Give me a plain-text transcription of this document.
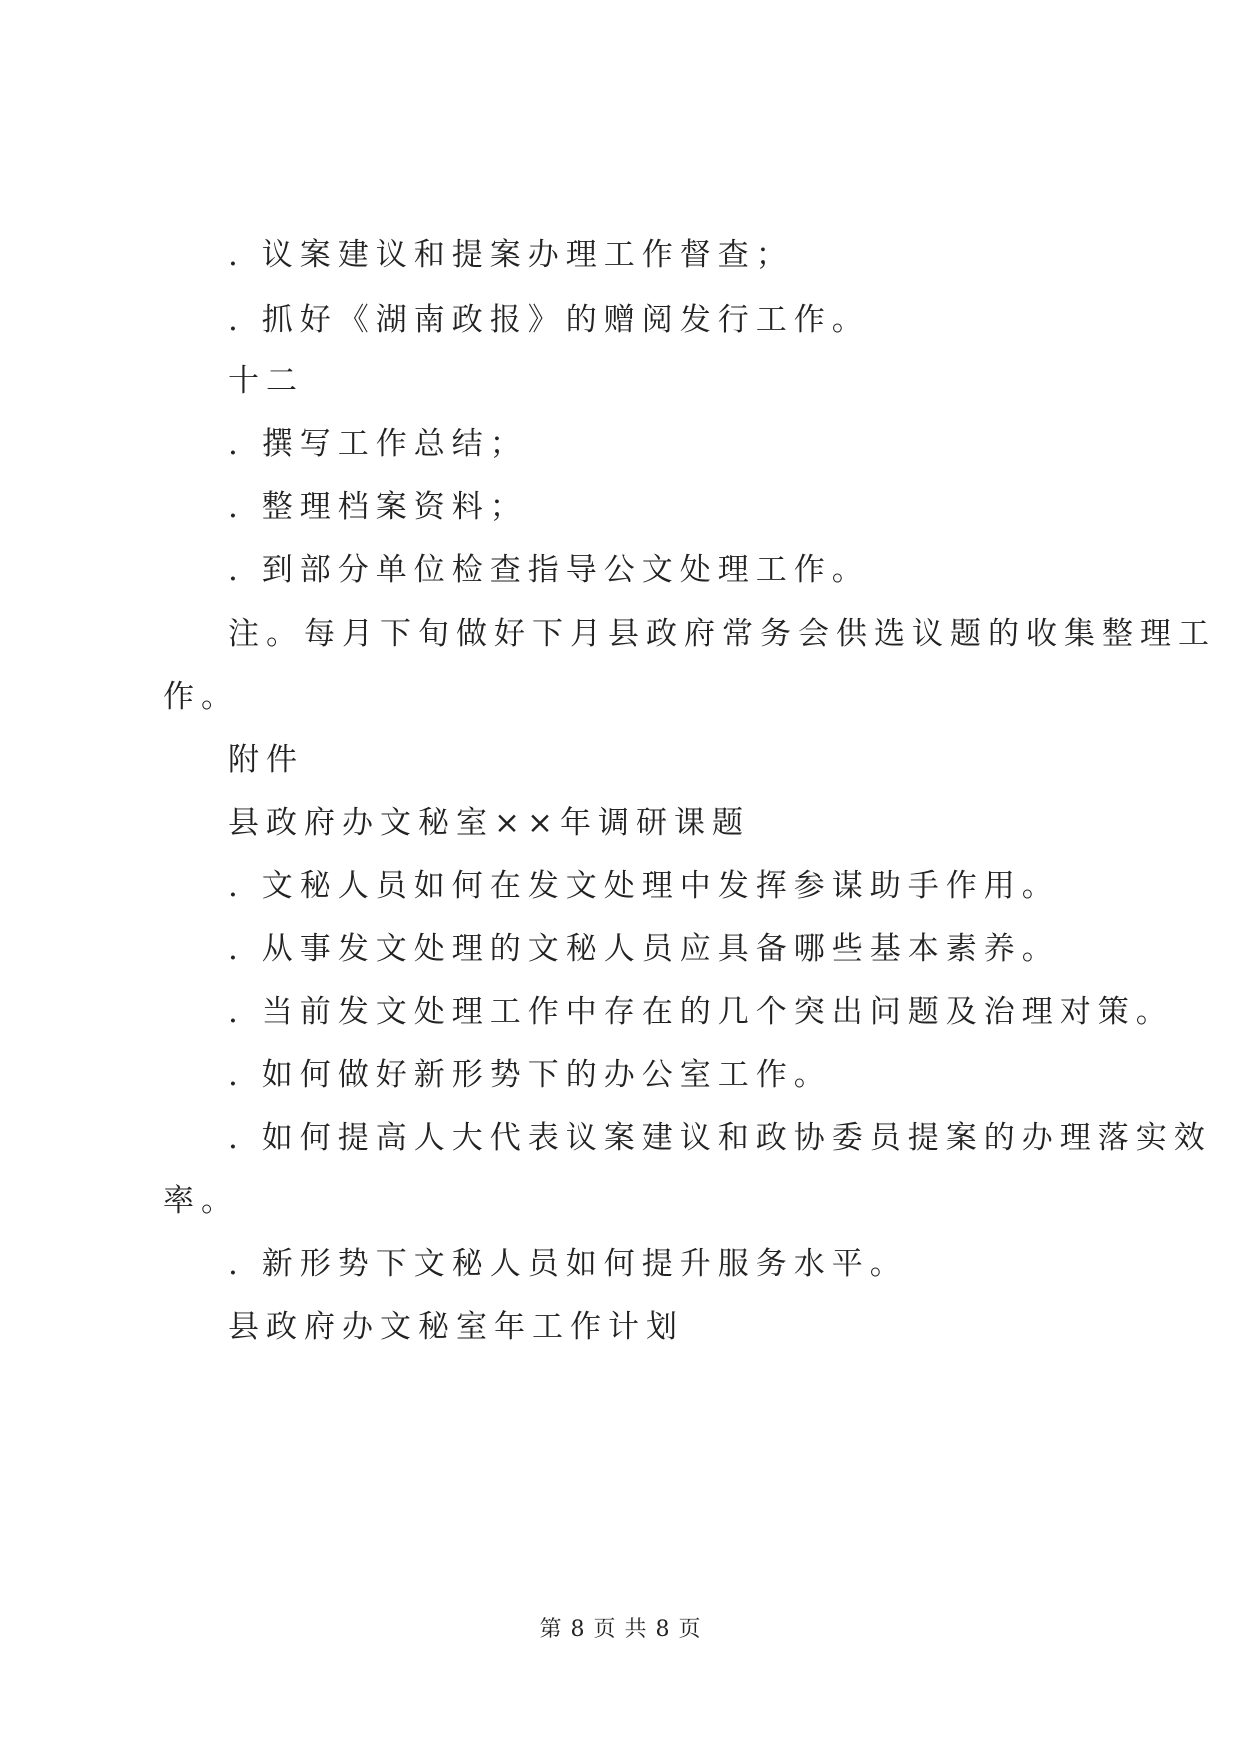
. 议案建议和提案办理工作督查；
. 抓好《湖南政报》的赠阅发行工作。
十二
. 撰写工作总结；
. 整理档案资料；
. 到部分单位检查指导公文处理工作。
注。每月下旬做好下月县政府常务会供选议题的收集整理工
作。
附件
县政府办文秘室××年调研课题
. 文秘人员如何在发文处理中发挥参谋助手作用。
. 从事发文处理的文秘人员应具备哪些基本素养。
. 当前发文处理工作中存在的几个突出问题及治理对策。
. 如何做好新形势下的办公室工作。
. 如何提高人大代表议案建议和政协委员提案的办理落实效
率。
. 新形势下文秘人员如何提升服务水平。
县政府办文秘室年工作计划
第 8 页 共 8 页
